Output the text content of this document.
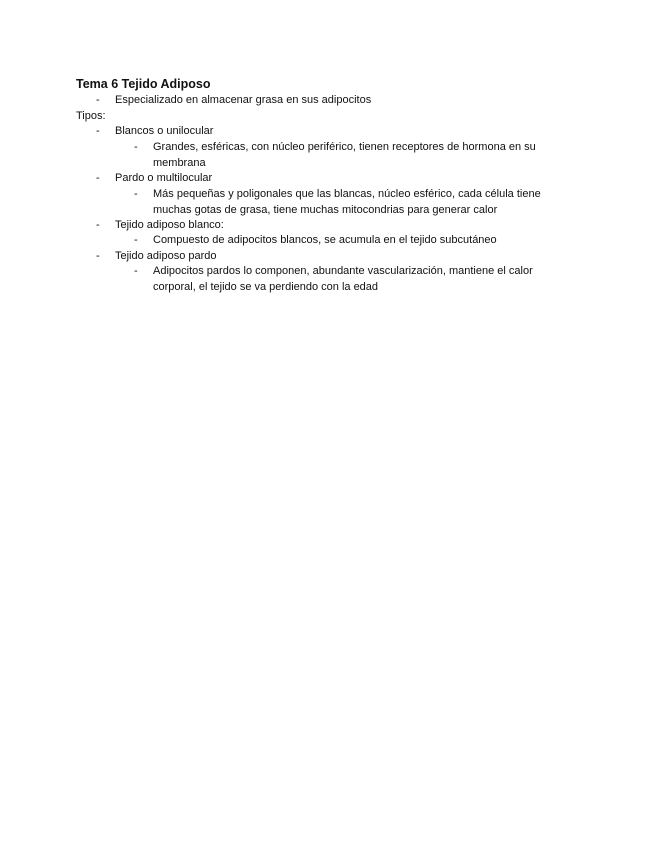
Tema 6 Tejido Adiposo
- Especializado en almacenar grasa en sus adipocitos
Tipos:
- Blancos o unilocular
- Grandes, esféricas, con núcleo periférico, tienen receptores de hormona en su membrana
- Pardo o multilocular
- Más pequeñas y poligonales que las blancas, núcleo esférico, cada célula tiene muchas gotas de grasa, tiene muchas mitocondrias para generar calor
- Tejido adiposo blanco:
- Compuesto de adipocitos blancos, se acumula en el tejido subcutáneo
- Tejido adiposo pardo
- Adipocitos pardos lo componen, abundante vascularización, mantiene el calor corporal, el tejido se va perdiendo con la edad
